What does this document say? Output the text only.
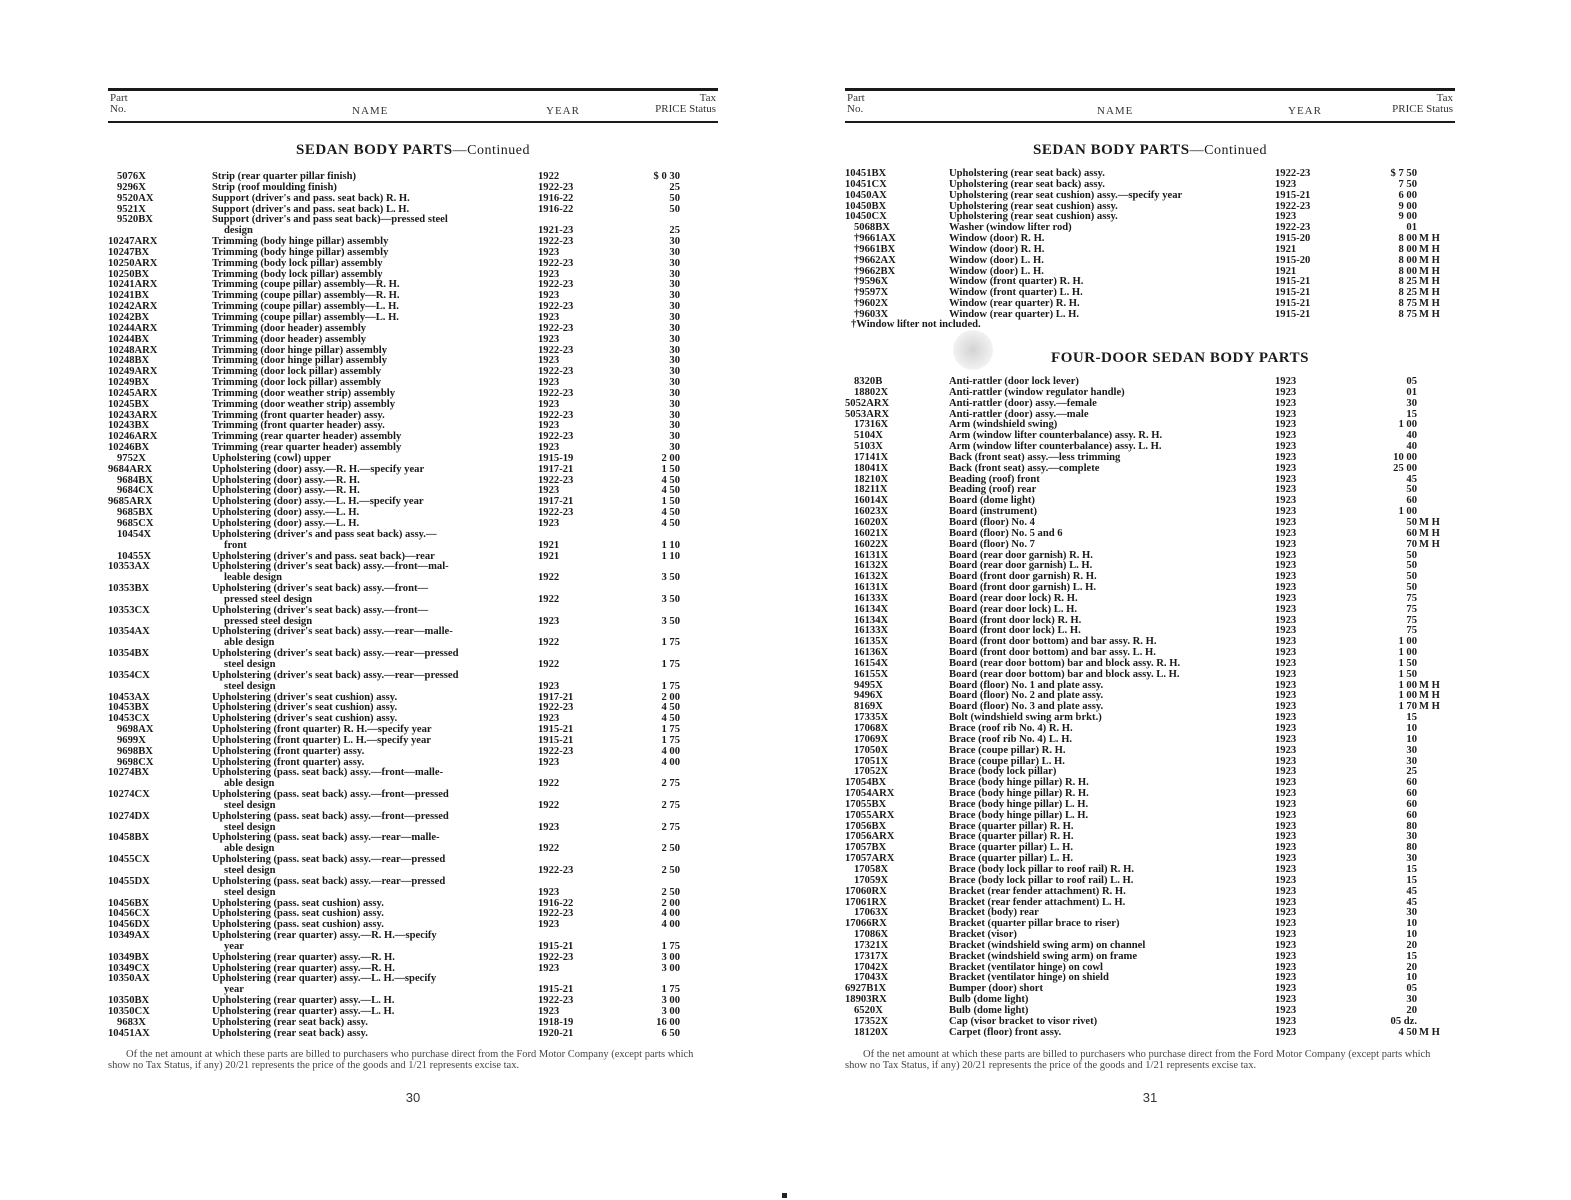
Part
No.	NAME	YEAR
Tax
PRICE Status
SEDAN BODY PARTS—Continued
5076X	Strip (rear quarter pillar finish)	1922	$ 0 30
9296X	Strip (roof moulding finish)	1922-23	25
9520AX	Support (driver's and pass. seat back) R. H.	1916-22	50
9521X	Support (driver's and pass. seat back) L. H.	1916-22	50
9520BX	Support (driver's and pass seat back)—pressed steel
design	1921-23	25
10247ARX	Trimming (body hinge pillar) assembly	1922-23	30
10247BX	Trimming (body hinge pillar) assembly	1923	30
10250ARX	Trimming (body lock pillar) assembly	1922-23	30
10250BX	Trimming (body lock pillar) assembly	1923	30
10241ARX	Trimming (coupe pillar) assembly—R. H.	1922-23	30
10241BX	Trimming (coupe pillar) assembly—R. H.	1923	30
10242ARX	Trimming (coupe pillar) assembly—L. H.	1922-23	30
10242BX	Trimming (coupe pillar) assembly—L. H.	1923	30
10244ARX	Trimming (door header) assembly	1922-23	30
10244BX	Trimming (door header) assembly	1923	30
10248ARX	Trimming (door hinge pillar) assembly	1922-23	30
10248BX	Trimming (door hinge pillar) assembly	1923	30
10249ARX	Trimming (door lock pillar) assembly	1922-23	30
10249BX	Trimming (door lock pillar) assembly	1923	30
10245ARX	Trimming (door weather strip) assembly	1922-23	30
10245BX	Trimming (door weather strip) assembly	1923	30
10243ARX	Trimming (front quarter header) assy.	1922-23	30
10243BX	Trimming (front quarter header) assy.	1923	30
10246ARX	Trimming (rear quarter header) assembly	1922-23	30
10246BX	Trimming (rear quarter header) assembly	1923	30
9752X	Upholstering (cowl) upper	1915-19	2 00
9684ARX	Upholstering (door) assy.—R. H.—specify year	1917-21	1 50
9684BX	Upholstering (door) assy.—R. H.	1922-23	4 50
9684CX	Upholstering (door) assy.—R. H.	1923	4 50
9685ARX	Upholstering (door) assy.—L. H.—specify year	1917-21	1 50
9685BX	Upholstering (door) assy.—L. H.	1922-23	4 50
9685CX	Upholstering (door) assy.—L. H.	1923	4 50
10454X	Upholstering (driver's and pass seat back) assy.—
front	1921	1 10
10455X	Upholstering (driver's and pass. seat back)—rear	1921	1 10
10353AX	Upholstering (driver's seat back) assy.—front—mal-
leable design	1922	3 50
10353BX	Upholstering (driver's seat back) assy.—front—
pressed steel design	1922	3 50
10353CX	Upholstering (driver's seat back) assy.—front—
pressed steel design	1923	3 50
10354AX	Upholstering (driver's seat back) assy.—rear—malle-
able design	1922	1 75
10354BX	Upholstering (driver's seat back) assy.—rear—pressed
steel design	1922	1 75
10354CX	Upholstering (driver's seat back) assy.—rear—pressed
steel design	1923	1 75
10453AX	Upholstering (driver's seat cushion) assy.	1917-21	2 00
10453BX	Upholstering (driver's seat cushion) assy.	1922-23	4 50
10453CX	Upholstering (driver's seat cushion) assy.	1923	4 50
9698AX	Upholstering (front quarter) R. H.—specify year	1915-21	1 75
9699X	Upholstering (front quarter) L. H.—specify year	1915-21	1 75
9698BX	Upholstering (front quarter) assy.	1922-23	4 00
9698CX	Upholstering (front quarter) assy.	1923	4 00
10274BX	Upholstering (pass. seat back) assy.—front—malle-
able design	1922	2 75
10274CX	Upholstering (pass. seat back) assy.—front—pressed
steel design	1922	2 75
10274DX	Upholstering (pass. seat back) assy.—front—pressed
steel design	1923	2 75
10458BX	Upholstering (pass. seat back) assy.—rear—malle-
able design	1922	2 50
10455CX	Upholstering (pass. seat back) assy.—rear—pressed
steel design	1922-23	2 50
10455DX	Upholstering (pass. seat back) assy.—rear—pressed
steel design	1923	2 50
10456BX	Upholstering (pass. seat cushion) assy.	1916-22	2 00
10456CX	Upholstering (pass. seat cushion) assy.	1922-23	4 00
10456DX	Upholstering (pass. seat cushion) assy.	1923	4 00
10349AX	Upholstering (rear quarter) assy.—R. H.—specify
year	1915-21	1 75
10349BX	Upholstering (rear quarter) assy.—R. H.	1922-23	3 00
10349CX	Upholstering (rear quarter) assy.—R. H.	1923	3 00
10350AX	Upholstering (rear quarter) assy.—L. H.—specify
year	1915-21	1 75
10350BX	Upholstering (rear quarter) assy.—L. H.	1922-23	3 00
10350CX	Upholstering (rear quarter) assy.—L. H.	1923	3 00
9683X	Upholstering (rear seat back) assy.	1918-19	16 00
10451AX	Upholstering (rear seat back) assy.	1920-21	6 50
Of the net amount at which these parts are billed to purchasers who purchase direct from the Ford Motor Company (except parts which show no Tax Status, if any) 20/21 represents the price of the goods and 1/21 represents excise tax.
30
Part
No.	NAME	YEAR
Tax
PRICE Status
SEDAN BODY PARTS—Continued
10451BX	Upholstering (rear seat back) assy.	1922-23	$ 7 50
10451CX	Upholstering (rear seat back) assy.	1923	7 50
10450AX	Upholstering (rear seat cushion) assy.—specify year	1915-21	6 00
10450BX	Upholstering (rear seat cushion) assy.	1922-23	9 00
10450CX	Upholstering (rear seat cushion) assy.	1923	9 00
5068BX	Washer (window lifter rod)	1922-23	01
†9661AX	Window (door) R. H.	1915-20	8 00 M H
†9661BX	Window (door) R. H.	1921	8 00 M H
†9662AX	Window (door) L. H.	1915-20	8 00 M H
†9662BX	Window (door) L. H.	1921	8 00 M H
†9596X	Window (front quarter) R. H.	1915-21	8 25 M H
†9597X	Window (front quarter) L. H.	1915-21	8 25 M H
†9602X	Window (rear quarter) R. H.	1915-21	8 75 M H
†9603X	Window (rear quarter) L. H.	1915-21	8 75 M H
†Window lifter not included.
FOUR-DOOR SEDAN BODY PARTS
8320B	Anti-rattler (door lock lever)	1923	05
18802X	Anti-rattler (window regulator handle)	1923	01
5052ARX	Anti-rattler (door) assy.—female	1923	30
5053ARX	Anti-rattler (door) assy.—male	1923	15
17316X	Arm (windshield swing)	1923	1 00
5104X	Arm (window lifter counterbalance) assy. R. H.	1923	40
5103X	Arm (window lifter counterbalance) assy. L. H.	1923	40
17141X	Back (front seat) assy.—less trimming	1923	10 00
18041X	Back (front seat) assy.—complete	1923	25 00
18210X	Beading (roof) front	1923	45
18211X	Beading (roof) rear	1923	50
16014X	Board (dome light)	1923	60
16023X	Board (instrument)	1923	1 00
16020X	Board (floor) No. 4	1923	50 M H
16021X	Board (floor) No. 5 and 6	1923	60 M H
16022X	Board (floor) No. 7	1923	70 M H
16131X	Board (rear door garnish) R. H.	1923	50
16132X	Board (rear door garnish) L. H.	1923	50
16132X	Board (front door garnish) R. H.	1923	50
16131X	Board (front door garnish) L. H.	1923	50
16133X	Board (rear door lock) R. H.	1923	75
16134X	Board (rear door lock) L. H.	1923	75
16134X	Board (front door lock) R. H.	1923	75
16133X	Board (front door lock) L. H.	1923	75
16135X	Board (front door bottom) and bar assy. R. H.	1923	1 00
16136X	Board (front door bottom) and bar assy. L. H.	1923	1 00
16154X	Board (rear door bottom) bar and block assy. R. H.	1923	1 50
16155X	Board (rear door bottom) bar and block assy. L. H.	1923	1 50
9495X	Board (floor) No. 1 and plate assy.	1923	1 00 M H
9496X	Board (floor) No. 2 and plate assy.	1923	1 00 M H
8169X	Board (floor) No. 3 and plate assy.	1923	1 70 M H
17335X	Bolt (windshield swing arm brkt.)	1923	15
17068X	Brace (roof rib No. 4) R. H.	1923	10
17069X	Brace (roof rib No. 4) L. H.	1923	10
17050X	Brace (coupe pillar) R. H.	1923	30
17051X	Brace (coupe pillar) L. H.	1923	30
17052X	Brace (body lock pillar)	1923	25
17054BX	Brace (body hinge pillar) R. H.	1923	60
17054ARX	Brace (body hinge pillar) R. H.	1923	60
17055BX	Brace (body hinge pillar) L. H.	1923	60
17055ARX	Brace (body hinge pillar) L. H.	1923	60
17056BX	Brace (quarter pillar) R. H.	1923	80
17056ARX	Brace (quarter pillar) R. H.	1923	30
17057BX	Brace (quarter pillar) L. H.	1923	80
17057ARX	Brace (quarter pillar) L. H.	1923	30
17058X	Brace (body lock pillar to roof rail) R. H.	1923	15
17059X	Brace (body lock pillar to roof rail) L. H.	1923	15
17060RX	Bracket (rear fender attachment) R. H.	1923	45
17061RX	Bracket (rear fender attachment) L. H.	1923	45
17063X	Bracket (body) rear	1923	30
17066RX	Bracket (quarter pillar brace to riser)	1923	10
17086X	Bracket (visor)	1923	10
17321X	Bracket (windshield swing arm) on channel	1923	20
17317X	Bracket (windshield swing arm) on frame	1923	15
17042X	Bracket (ventilator hinge) on cowl	1923	20
17043X	Bracket (ventilator hinge) on shield	1923	10
6927B1X	Bumper (door) short	1923	05
18903RX	Bulb (dome light)	1923	30
6520X	Bulb (dome light)	1923	20
17352X	Cap (visor bracket to visor rivet)	1923	05 dz.
18120X	Carpet (floor) front assy.	1923	4 50 M H
Of the net amount at which these parts are billed to purchasers who purchase direct from the Ford Motor Company (except parts which show no Tax Status, if any) 20/21 represents the price of the goods and 1/21 represents excise tax.
31
